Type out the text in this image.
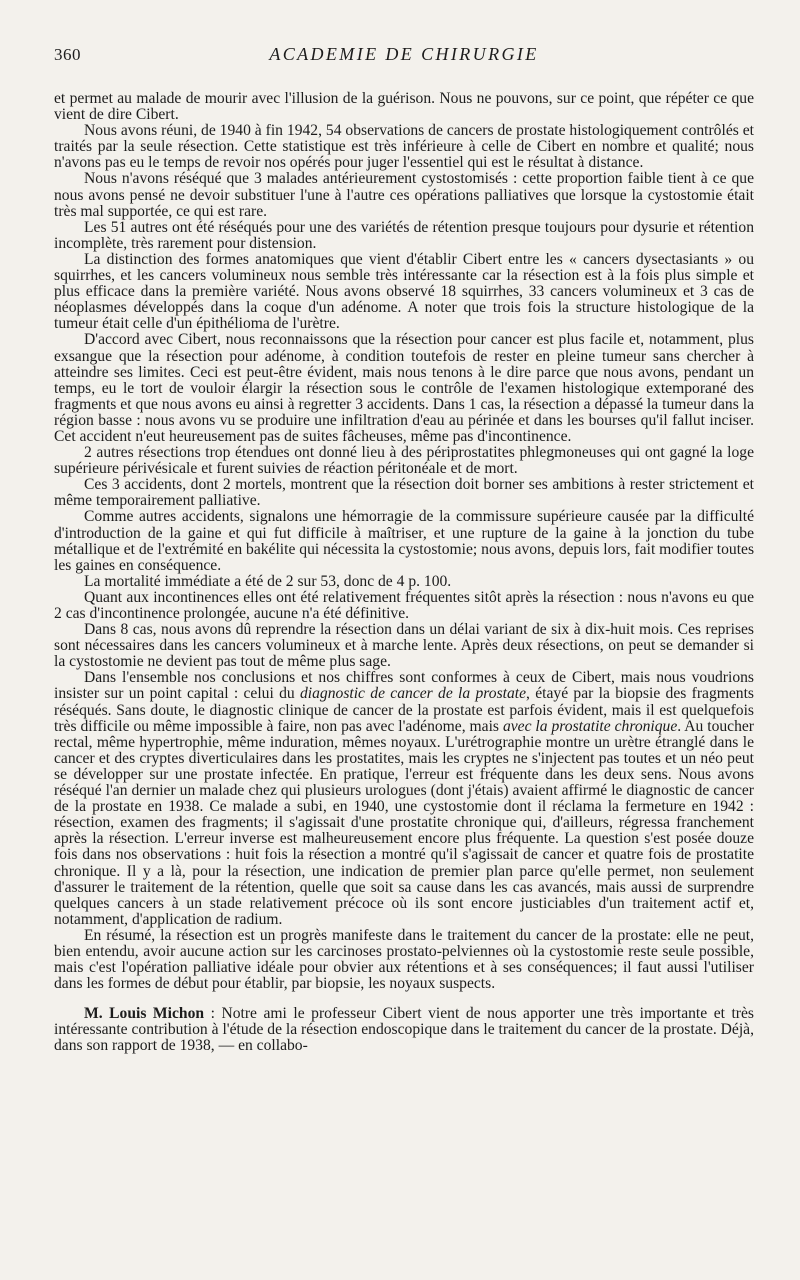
360	ACADEMIE DE CHIRURGIE

et permet au malade de mourir avec l'illusion de la guérison. Nous ne pouvons, sur ce point, que répéter ce que vient de dire Cibert.

Nous avons réuni, de 1940 à fin 1942, 54 observations de cancers de prostate histologiquement contrôlés et traités par la seule résection. Cette statistique est très inférieure à celle de Cibert en nombre et qualité; nous n'avons pas eu le temps de revoir nos opérés pour juger l'essentiel qui est le résultat à distance.

Nous n'avons réséqué que 3 malades antérieurement cystostomisés : cette proportion faible tient à ce que nous avons pensé ne devoir substituer l'une à l'autre ces opérations palliatives que lorsque la cystostomie était très mal supportée, ce qui est rare.

Les 51 autres ont été réséqués pour une des variétés de rétention presque toujours pour dysurie et rétention incomplète, très rarement pour distension.

La distinction des formes anatomiques que vient d'établir Cibert entre les « cancers dysectasiants » ou squirrhes, et les cancers volumineux nous semble très intéressante car la résection est à la fois plus simple et plus efficace dans la première variété. Nous avons observé 18 squirrhes, 33 cancers volumineux et 3 cas de néoplasmes développés dans la coque d'un adénome. A noter que trois fois la structure histologique de la tumeur était celle d'un épithélioma de l'urètre.

D'accord avec Cibert, nous reconnaissons que la résection pour cancer est plus facile et, notamment, plus exsangue que la résection pour adénome, à condition toutefois de rester en pleine tumeur sans chercher à atteindre ses limites. Ceci est peut-être évident, mais nous tenons à le dire parce que nous avons, pendant un temps, eu le tort de vouloir élargir la résection sous le contrôle de l'examen histologique extemporané des fragments et que nous avons eu ainsi à regretter 3 accidents. Dans 1 cas, la résection a dépassé la tumeur dans la région basse : nous avons vu se produire une infiltration d'eau au périnée et dans les bourses qu'il fallut inciser. Cet accident n'eut heureusement pas de suites fâcheuses, même pas d'incontinence.

2 autres résections trop étendues ont donné lieu à des périprostatites phlegmoneuses qui ont gagné la loge supérieure périvésicale et furent suivies de réaction péritonéale et de mort.

Ces 3 accidents, dont 2 mortels, montrent que la résection doit borner ses ambitions à rester strictement et même temporairement palliative.

Comme autres accidents, signalons une hémorragie de la commissure supérieure causée par la difficulté d'introduction de la gaine et qui fut difficile à maîtriser, et une rupture de la gaine à la jonction du tube métallique et de l'extrémité en bakélite qui nécessita la cystostomie; nous avons, depuis lors, fait modifier toutes les gaines en conséquence.

La mortalité immédiate a été de 2 sur 53, donc de 4 p. 100.

Quant aux incontinences elles ont été relativement fréquentes sitôt après la résection : nous n'avons eu que 2 cas d'incontinence prolongée, aucune n'a été définitive.

Dans 8 cas, nous avons dû reprendre la résection dans un délai variant de six à dix-huit mois. Ces reprises sont nécessaires dans les cancers volumineux et à marche lente. Après deux résections, on peut se demander si la cystostomie ne devient pas tout de même plus sage.

Dans l'ensemble nos conclusions et nos chiffres sont conformes à ceux de Cibert, mais nous voudrions insister sur un point capital : celui du diagnostic de cancer de la prostate, étayé par la biopsie des fragments réséqués. Sans doute, le diagnostic clinique de cancer de la prostate est parfois évident, mais il est quelquefois très difficile ou même impossible à faire, non pas avec l'adénome, mais avec la prostatite chronique. Au toucher rectal, même hypertrophie, même induration, mêmes noyaux. L'urétrographie montre un urètre étranglé dans le cancer et des cryptes diverticulaires dans les prostatites, mais les cryptes ne s'injectent pas toutes et un néo peut se développer sur une prostate infectée. En pratique, l'erreur est fréquente dans les deux sens. Nous avons réséqué l'an dernier un malade chez qui plusieurs urologues (dont j'étais) avaient affirmé le diagnostic de cancer de la prostate en 1938. Ce malade a subi, en 1940, une cystostomie dont il réclama la fermeture en 1942 : résection, examen des fragments; il s'agissait d'une prostatite chronique qui, d'ailleurs, régressa franchement après la résection. L'erreur inverse est malheureusement encore plus fréquente. La question s'est posée douze fois dans nos observations : huit fois la résection a montré qu'il s'agissait de cancer et quatre fois de prostatite chronique. Il y a là, pour la résection, une indication de premier plan parce qu'elle permet, non seulement d'assurer le traitement de la rétention, quelle que soit sa cause dans les cas avancés, mais aussi de surprendre quelques cancers à un stade relativement précoce où ils sont encore justiciables d'un traitement actif et, notamment, d'application de radium.

En résumé, la résection est un progrès manifeste dans le traitement du cancer de la prostate: elle ne peut, bien entendu, avoir aucune action sur les carcinoses prostato-pelviennes où la cystostomie reste seule possible, mais c'est l'opération palliative idéale pour obvier aux rétentions et à ses conséquences; il faut aussi l'utiliser dans les formes de début pour établir, par biopsie, les noyaux suspects.

M. Louis Michon : Notre ami le professeur Cibert vient de nous apporter une très importante et très intéressante contribution à l'étude de la résection endoscopique dans le traitement du cancer de la prostate. Déjà, dans son rapport de 1938, — en collabo-
